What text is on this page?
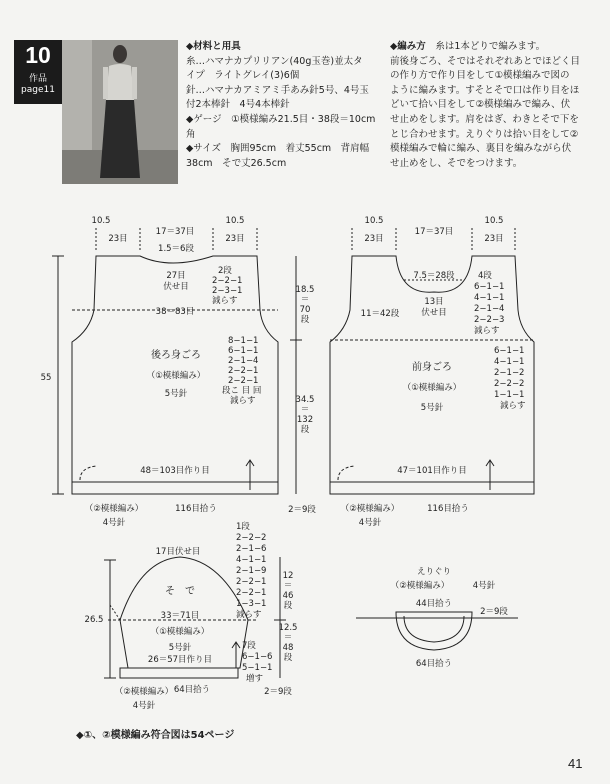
10
作品
page11
◆材料と用具
糸…ハマナカプリリアン(40g玉巻)並太タ
イプ　ライトグレイ(3)6個
針…ハマナカアミアミ手あみ針5号、4号玉
付2本棒針　4号4本棒針
◆ゲージ　①模様編み21.5目・38段＝10cm
角
◆サイズ　胸囲95cm　着丈55cm　背肩幅
38cm　そで丈26.5cm
◆編み方　 糸は1本どりで編みます。
前後身ごろ、そではそれぞれあとでほどく目
の作り方で作り目をして①模様編みで図の
ように編みます。すそとそで口は作り目をほ
どいて拾い目をして②模様編みで編み、伏
せ止めをします。肩をはぎ、わきとそで下を
とじ合わせます。えりぐりは拾い目をして②
模様編みで輪に編み、裏目を編みながら伏
せ止めをし、そでをつけます。
10.5
23目
17＝37目
10.5
23目
1.5＝6段
27目
伏せ目
2段
2−2−1
2−3−1
減らす
38＝83目
8−1−1
6−1−1
2−1−4
2−2−1
2−2−1
段こ 目 回
減らす
後ろ身ごろ
（①模様編み）
5号針
48＝103目作り目
（②模様編み）
4号針
116目拾う
55
18.5
＝
70
段
34.5
＝
132
段
2＝9段
10.5
23目
17＝37目
10.5
23目
7.5＝28段
13目
伏せ目
4段
6−1−1
4−1−1
2−1−4
2−2−3
減らす
11＝42段
6−1−1
4−1−1
2−1−2
2−2−2
1−1−1
減らす
前身ごろ
（①模様編み）
5号針
47＝101目作り目
（②模様編み）
4号針
116目拾う
17目伏せ目
1段
2−2−2
2−1−6
4−1−1
2−1−9
2−2−1
2−2−1
1−3−1
減らす
そ　で
33＝71目
（①模様編み）
5号針
26＝57目作り目
7段
6−1−6
5−1−1
増す
（②模様編み）
4号針
64目拾う
12
＝
46
段
12.5
＝
48
段
2＝9段
26.5
えりぐり
（②模様編み）	4号針
44目拾う
2＝9段
64目拾う
◆①、②模様編み符合図は54ページ
41
